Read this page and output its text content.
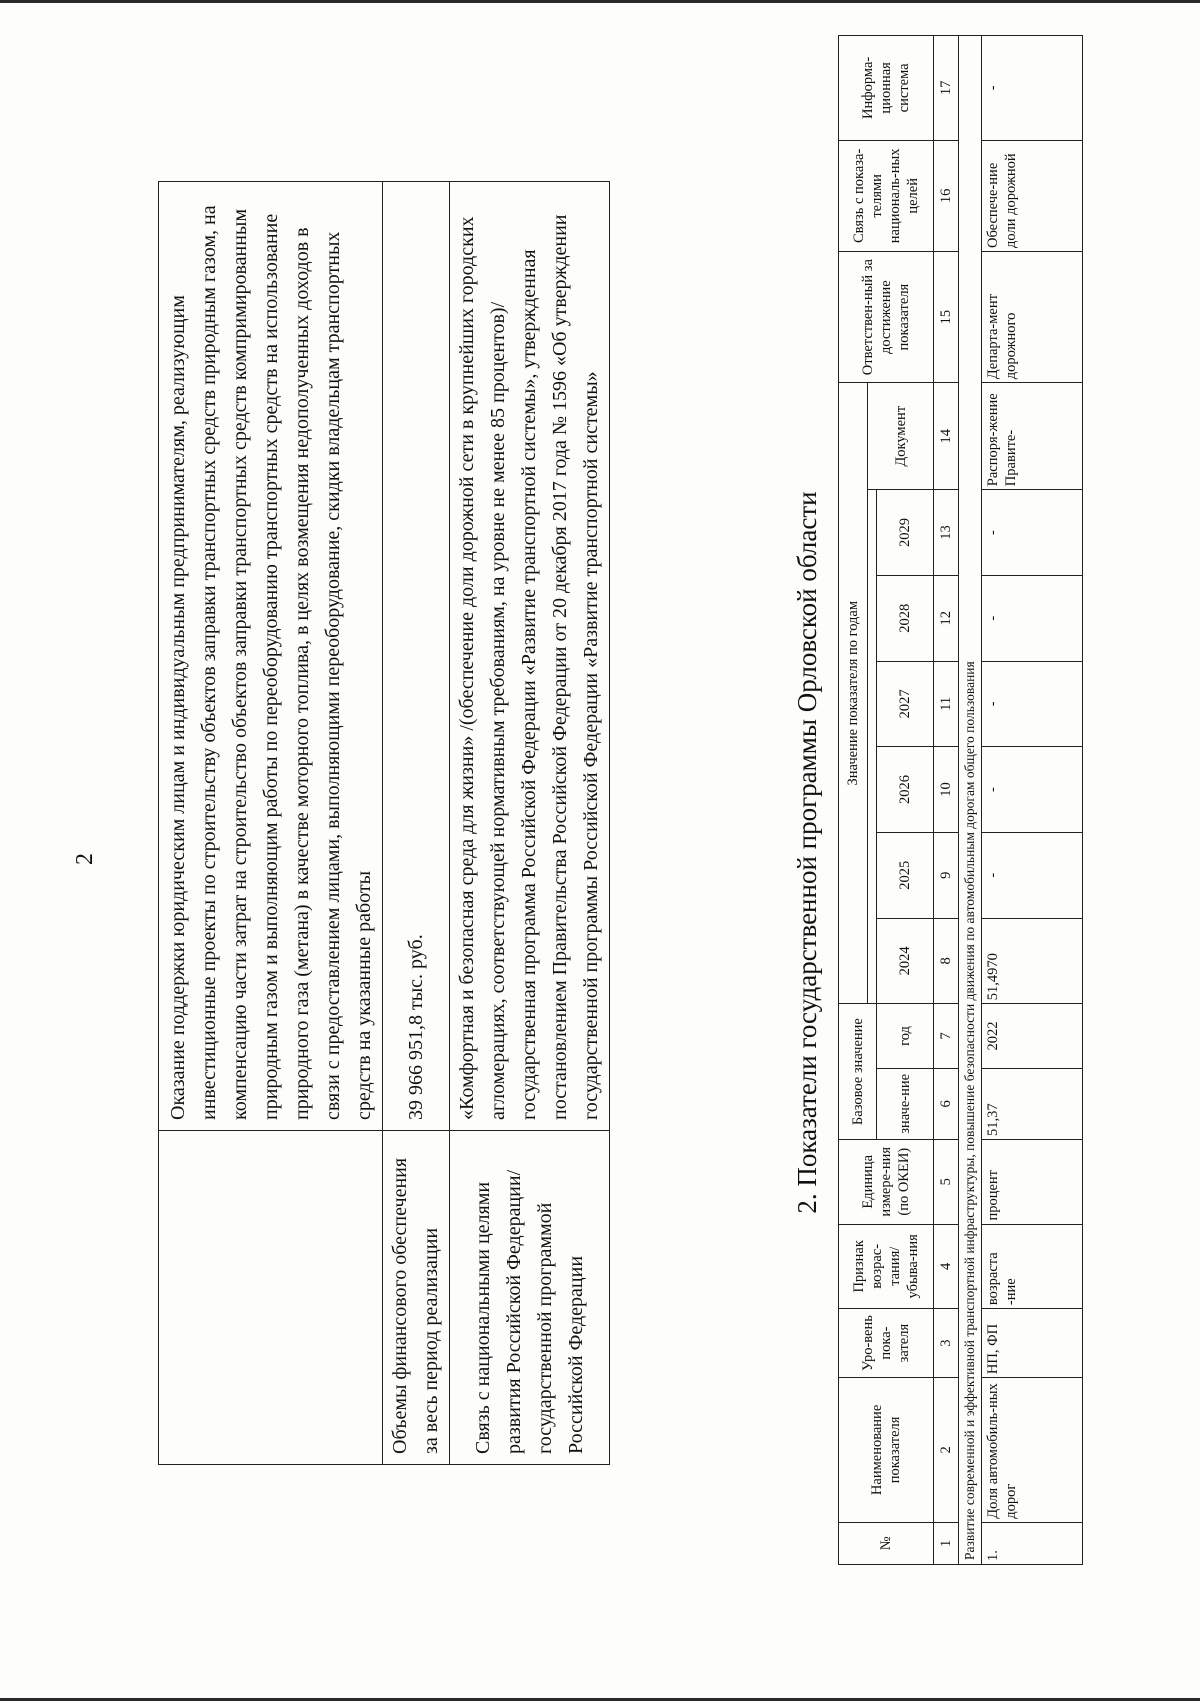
2
		Оказание поддержки юридическим лицам и индивидуальным предпринимателям, реализующим инвестиционные проекты по строительству объектов заправки транспортных средств природным газом, на компенсацию части затрат на строительство объектов заправки транспортных средств компримированным природным газом и выполняющим работы по переоборудованию транспортных средств на использование природного газа (метана) в качестве моторного топлива, в целях возмещения недополученных доходов в связи с предоставлением лицами, выполняющими переоборудование, скидки владельцам транспортных средств на указанные работы
Объемы финансового обеспечения за весь период реализации	39 966 951,8 тыс. руб.
Связь с национальными целями развития Российской Федерации/ государственной программой Российской Федерации	«Комфортная и безопасная среда для жизни» /(обеспечение доли дорожной сети в крупнейших городских агломерациях, соответствующей нормативным требованиям, на уровне не менее 85 процентов)/ государственная программа Российской Федерации «Развитие транспортной системы», утвержденная постановлением Правительства Российской Федерации от 20 декабря 2017 года № 1596 «Об утверждении государственной программы Российской Федерации «Развитие транспортной системы»	2. Показатели государственной программы Орловской области
№	Наименование показателя	Уро-вень пока-зателя	Признак возрас-тания/ убыва-ния	Единица измере-ния (по ОКЕИ)	Базовое значение		Значение показателя по годам							Ответствен-ный за достижение показателя	Связь с показа-телями националь-ных целей	Информа-ционная система
													Документ			
					значе-ние	год	2024	2025	2026	2027	2028	2029				
1	2	3	4	5	6	7	8	9	10	11	12	13	14	15	16	17
Развитие современной и эффективной транспортной инфраструктуры, повышение безопасности движения по автомобильным дорогам общего пользования																
1.	Доля автомобиль-ных дорог	НП, ФП	возраста -ние	процент	51,37	2022	51,4970	-	-	-	-	-	Распоря-жение Правите-	Департа-мент дорожного	Обеспече-ние доли дорожной	-
